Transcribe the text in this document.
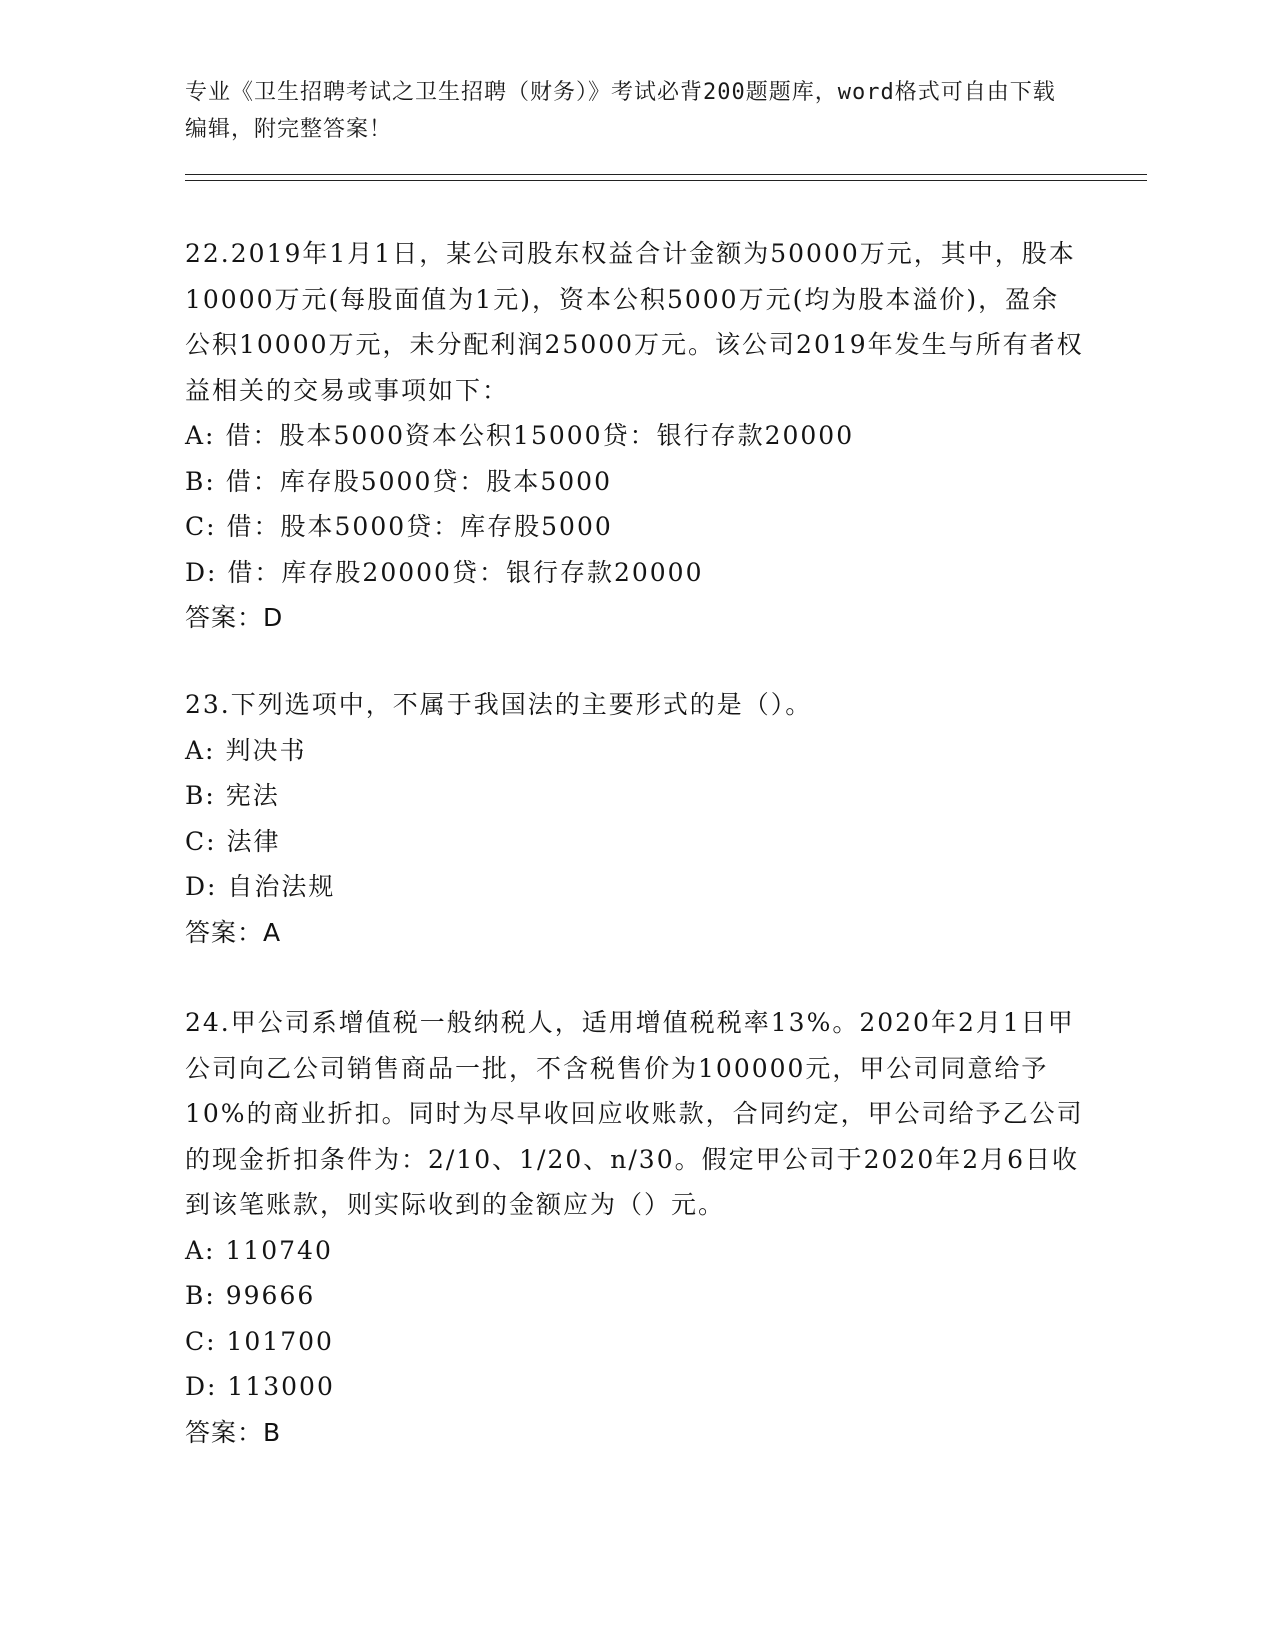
专业《卫生招聘考试之卫生招聘（财务）》考试必背200题题库，word格式可自由下载编辑，附完整答案！

22.2019年1月1日，某公司股东权益合计金额为50000万元，其中，股本10000万元(每股面值为1元)，资本公积5000万元(均为股本溢价)，盈余公积10000万元，未分配利润25000万元。该公司2019年发生与所有者权益相关的交易或事项如下：

A: 借：股本5000资本公积15000贷：银行存款20000

B: 借：库存股5000贷：股本5000

C: 借：股本5000贷：库存股5000

D: 借：库存股20000贷：银行存款20000

答案：D

23.下列选项中，不属于我国法的主要形式的是（）。

A: 判决书

B: 宪法

C: 法律

D: 自治法规

答案：A

24.甲公司系增值税一般纳税人，适用增值税税率13%。2020年2月1日甲公司向乙公司销售商品一批，不含税售价为100000元，甲公司同意给予10%的商业折扣。同时为尽早收回应收账款，合同约定，甲公司给予乙公司的现金折扣条件为：2/10、1/20、n/30。假定甲公司于2020年2月6日收到该笔账款，则实际收到的金额应为（）元。

A: 110740

B: 99666

C: 101700

D: 113000

答案：B
